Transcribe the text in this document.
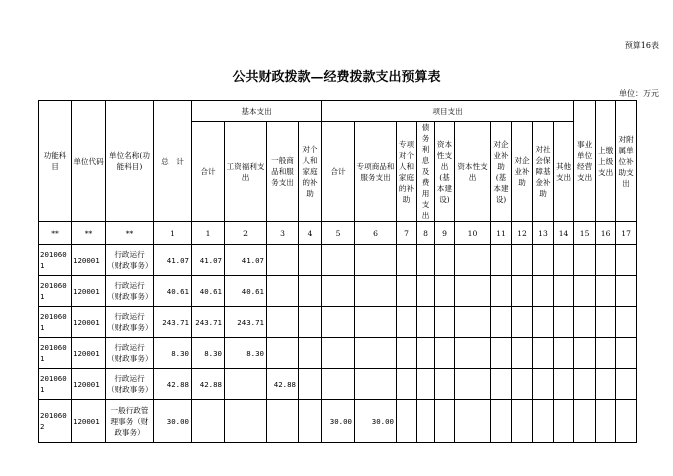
预算16表
公共财政拨款—经费拨款支出预算表
单位：万元
功能科目	单位代码	单位名称(功能科目)	总　计	基本支出				项目支出										事业单位经营支出	上缴上级支出	对附属单位补助支出
				合计	工资福利支出	一般商品和服务支出	对个人和家庭的补助	合计	专项商品和服务支出	专项对个人和家庭的补助	债务利息及费用支出	资本性支出(基本建设)	资本性支出	对企业补助(基本建设)	对企业补助	对社会保障基金补助	其他支出			
**	**	**	1	1	2	3	4	5	6	7	8	9	10	11	12	13	14	15	16	17
2010601	120001	行政运行（财政事务）	41.07	41.07	41.07															
2010601	120001	行政运行（财政事务）	40.61	40.61	40.61															
2010601	120001	行政运行（财政事务）	243.71	243.71	243.71															
2010601	120001	行政运行（财政事务）	8.30	8.30	8.30															
2010601	120001	行政运行（财政事务）	42.88	42.88		42.88														
2010602	120001	一般行政管理事务（财政事务）	30.00					30.00	30.00											
